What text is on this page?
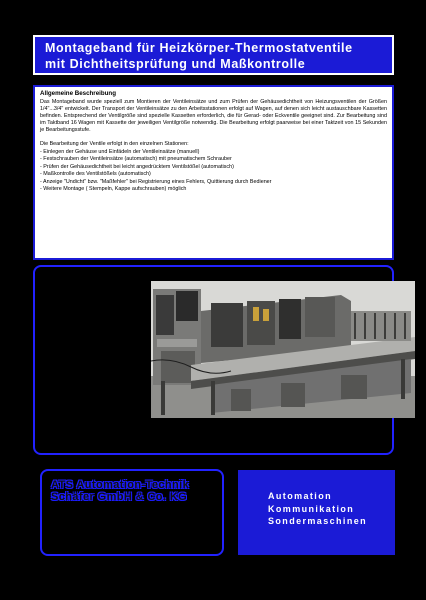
Montageband für Heizkörper-Thermostatventile
mit Dichtheitsprüfung und Maßkontrolle
Allgemeine Beschreibung

Das Montageband wurde speziell zum Montieren der Ventileinsätze und zum Prüfen der Gehäusedichtheit von Heizungsventilen der Größen 1/4"...3/4" entwickelt. Der Transport der Ventileinsätze zu den Arbeitsstationen erfolgt auf Wagen, auf denen sich leicht austauschbare Kassetten befinden. Entsprechend der Ventilgröße sind spezielle Kassetten erforderlich, die für Gerad- oder Eckventile geeignet sind. Zur Bearbeitung sind im Taktband 16 Wagen mit Kassette der jeweiligen Ventilgröße notwendig. Die Bearbeitung erfolgt paarweise bei einer Taktzeit von 15 Sekunden je Bearbeitungsstufe.

Die Bearbeitung der Ventile erfolgt in den einzelnen Stationen:

- Einlegen der Gehäuse und Einfädeln der Ventileinsätze (manuell)
- Festschrauben der Ventileinsätze (automatisch) mit pneumatischem Schrauber
- Prüfen der Gehäusedichtheit bei leicht angedrücktem Ventilstößel (automatisch)
- Maßkontrolle des Ventilstößels (automatisch)
- Anzeige "Undicht" bzw. "Maßfehler" bei Registrierung eines Fehlers, Quittierung durch Bediener
- Weitere Montage ( Stempeln, Kappe aufschrauben) möglich
ATS Automation-Technik
Schäfer GmbH & Co. KG	Automation
Kommunikation
Sondermaschinen
